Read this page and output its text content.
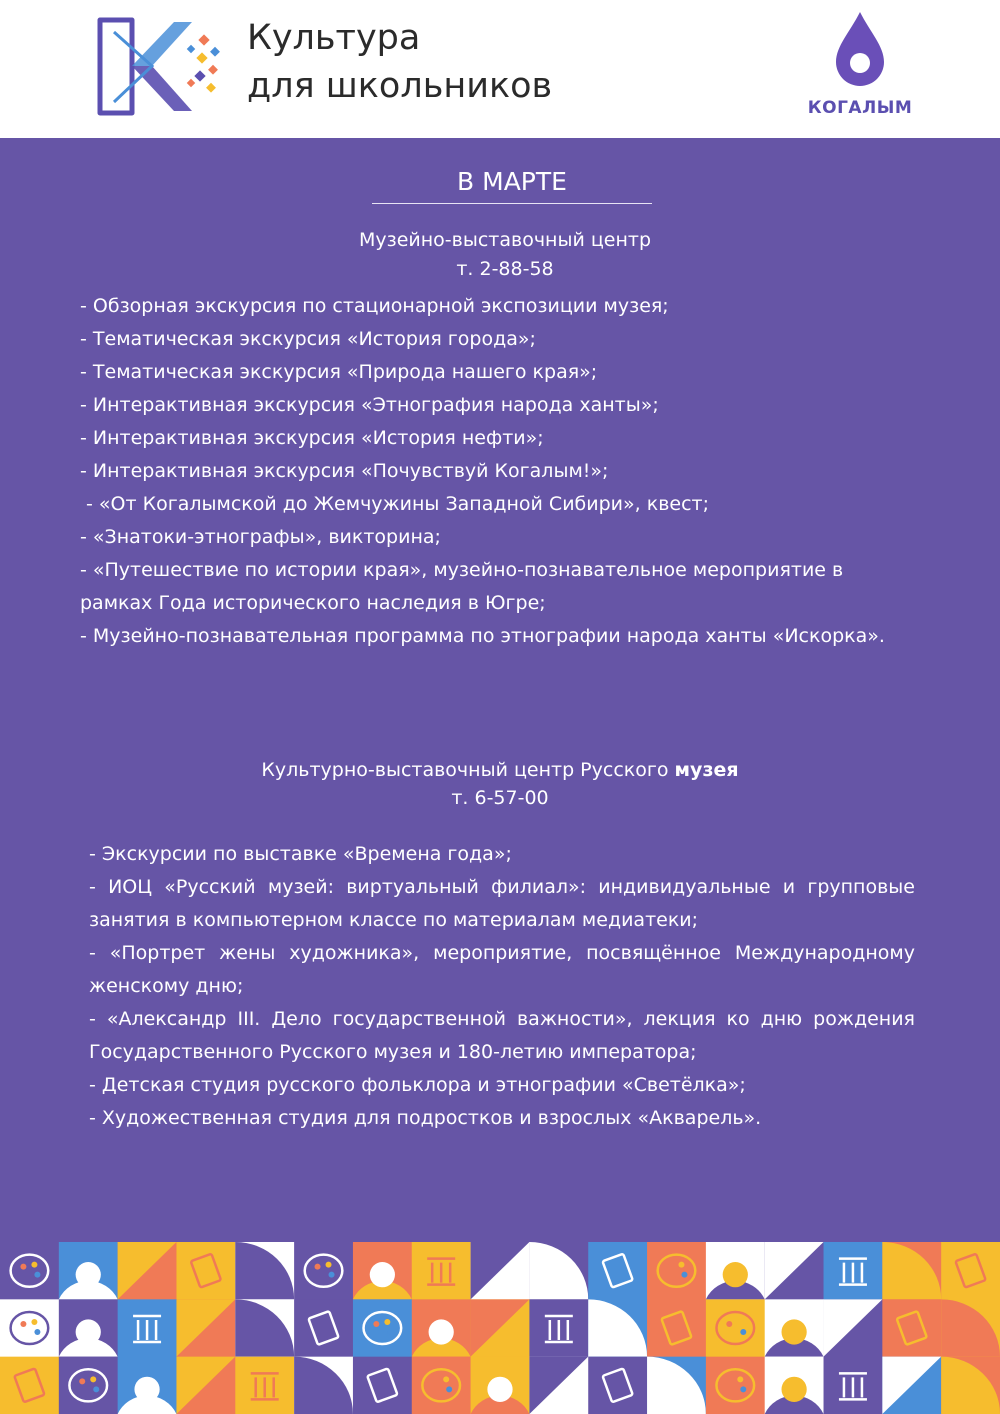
Культура
для школьников
КОГАЛЫМ
В МАРТЕ
Музейно-выставочный центр
т. 2-88-58
- Обзорная экскурсия по стационарной экспозиции музея;
- Тематическая экскурсия «История города»;
- Тематическая экскурсия «Природа нашего края»;
- Интерактивная экскурсия «Этнография народа ханты»;
- Интерактивная экскурсия «История нефти»;
- Интерактивная экскурсия «Почувствуй Когалым!»;
- «От Когалымской до Жемчужины Западной Сибири», квест;
- «Знатоки-этнографы», викторина;
- «Путешествие по истории края», музейно-познавательное мероприятие в рамках Года исторического наследия в Югре;
- Музейно-познавательная программа по этнографии народа ханты «Искорка».
Культурно-выставочный центр Русского музея
т. 6-57-00
- Экскурсии по выставке «Времена года»;
- ИОЦ «Русский музей: виртуальный филиал»: индивидуальные и групповые занятия в компьютерном классе по материалам медиатеки;
- «Портрет жены художника», мероприятие, посвящённое Международному женскому дню;
- «Александр III. Дело государственной важности», лекция ко дню рождения Государственного Русского музея и 180-летию императора;
- Детская студия русского фольклора и этнографии «Светёлка»;
- Художественная студия для подростков и взрослых «Акварель».
